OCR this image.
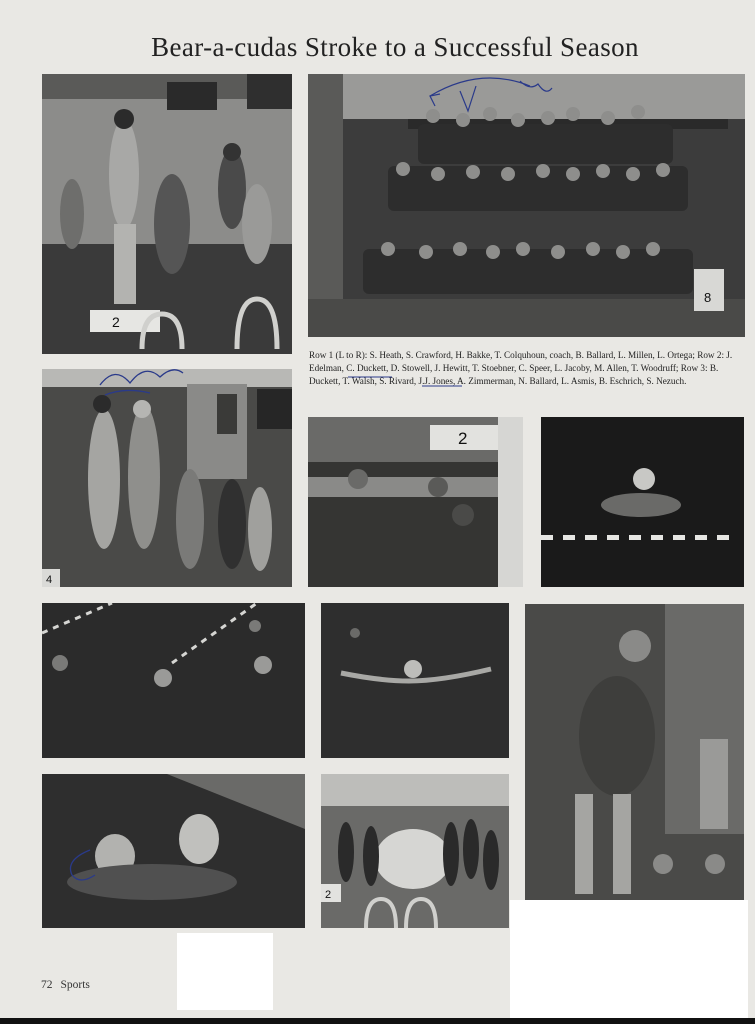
Bear-a-cudas Stroke to a Successful Season
2
8
Row 1 (L to R): S. Heath, S. Crawford, H. Bakke, T. Colquhoun, coach, B. Ballard, L. Millen, L. Ortega; Row 2: J. Edelman, C. Duckett, D. Stowell, J. Hewitt, T. Stoebner, C. Speer, L. Jacoby, M. Allen, T. Woodruff; Row 3: B. Duckett, T. Walsh, S. Rivard, J.J. Jones, A. Zimmerman, N. Ballard, L. Asmis, B. Eschrich, S. Nezuch.
4
2
2
72 Sports
